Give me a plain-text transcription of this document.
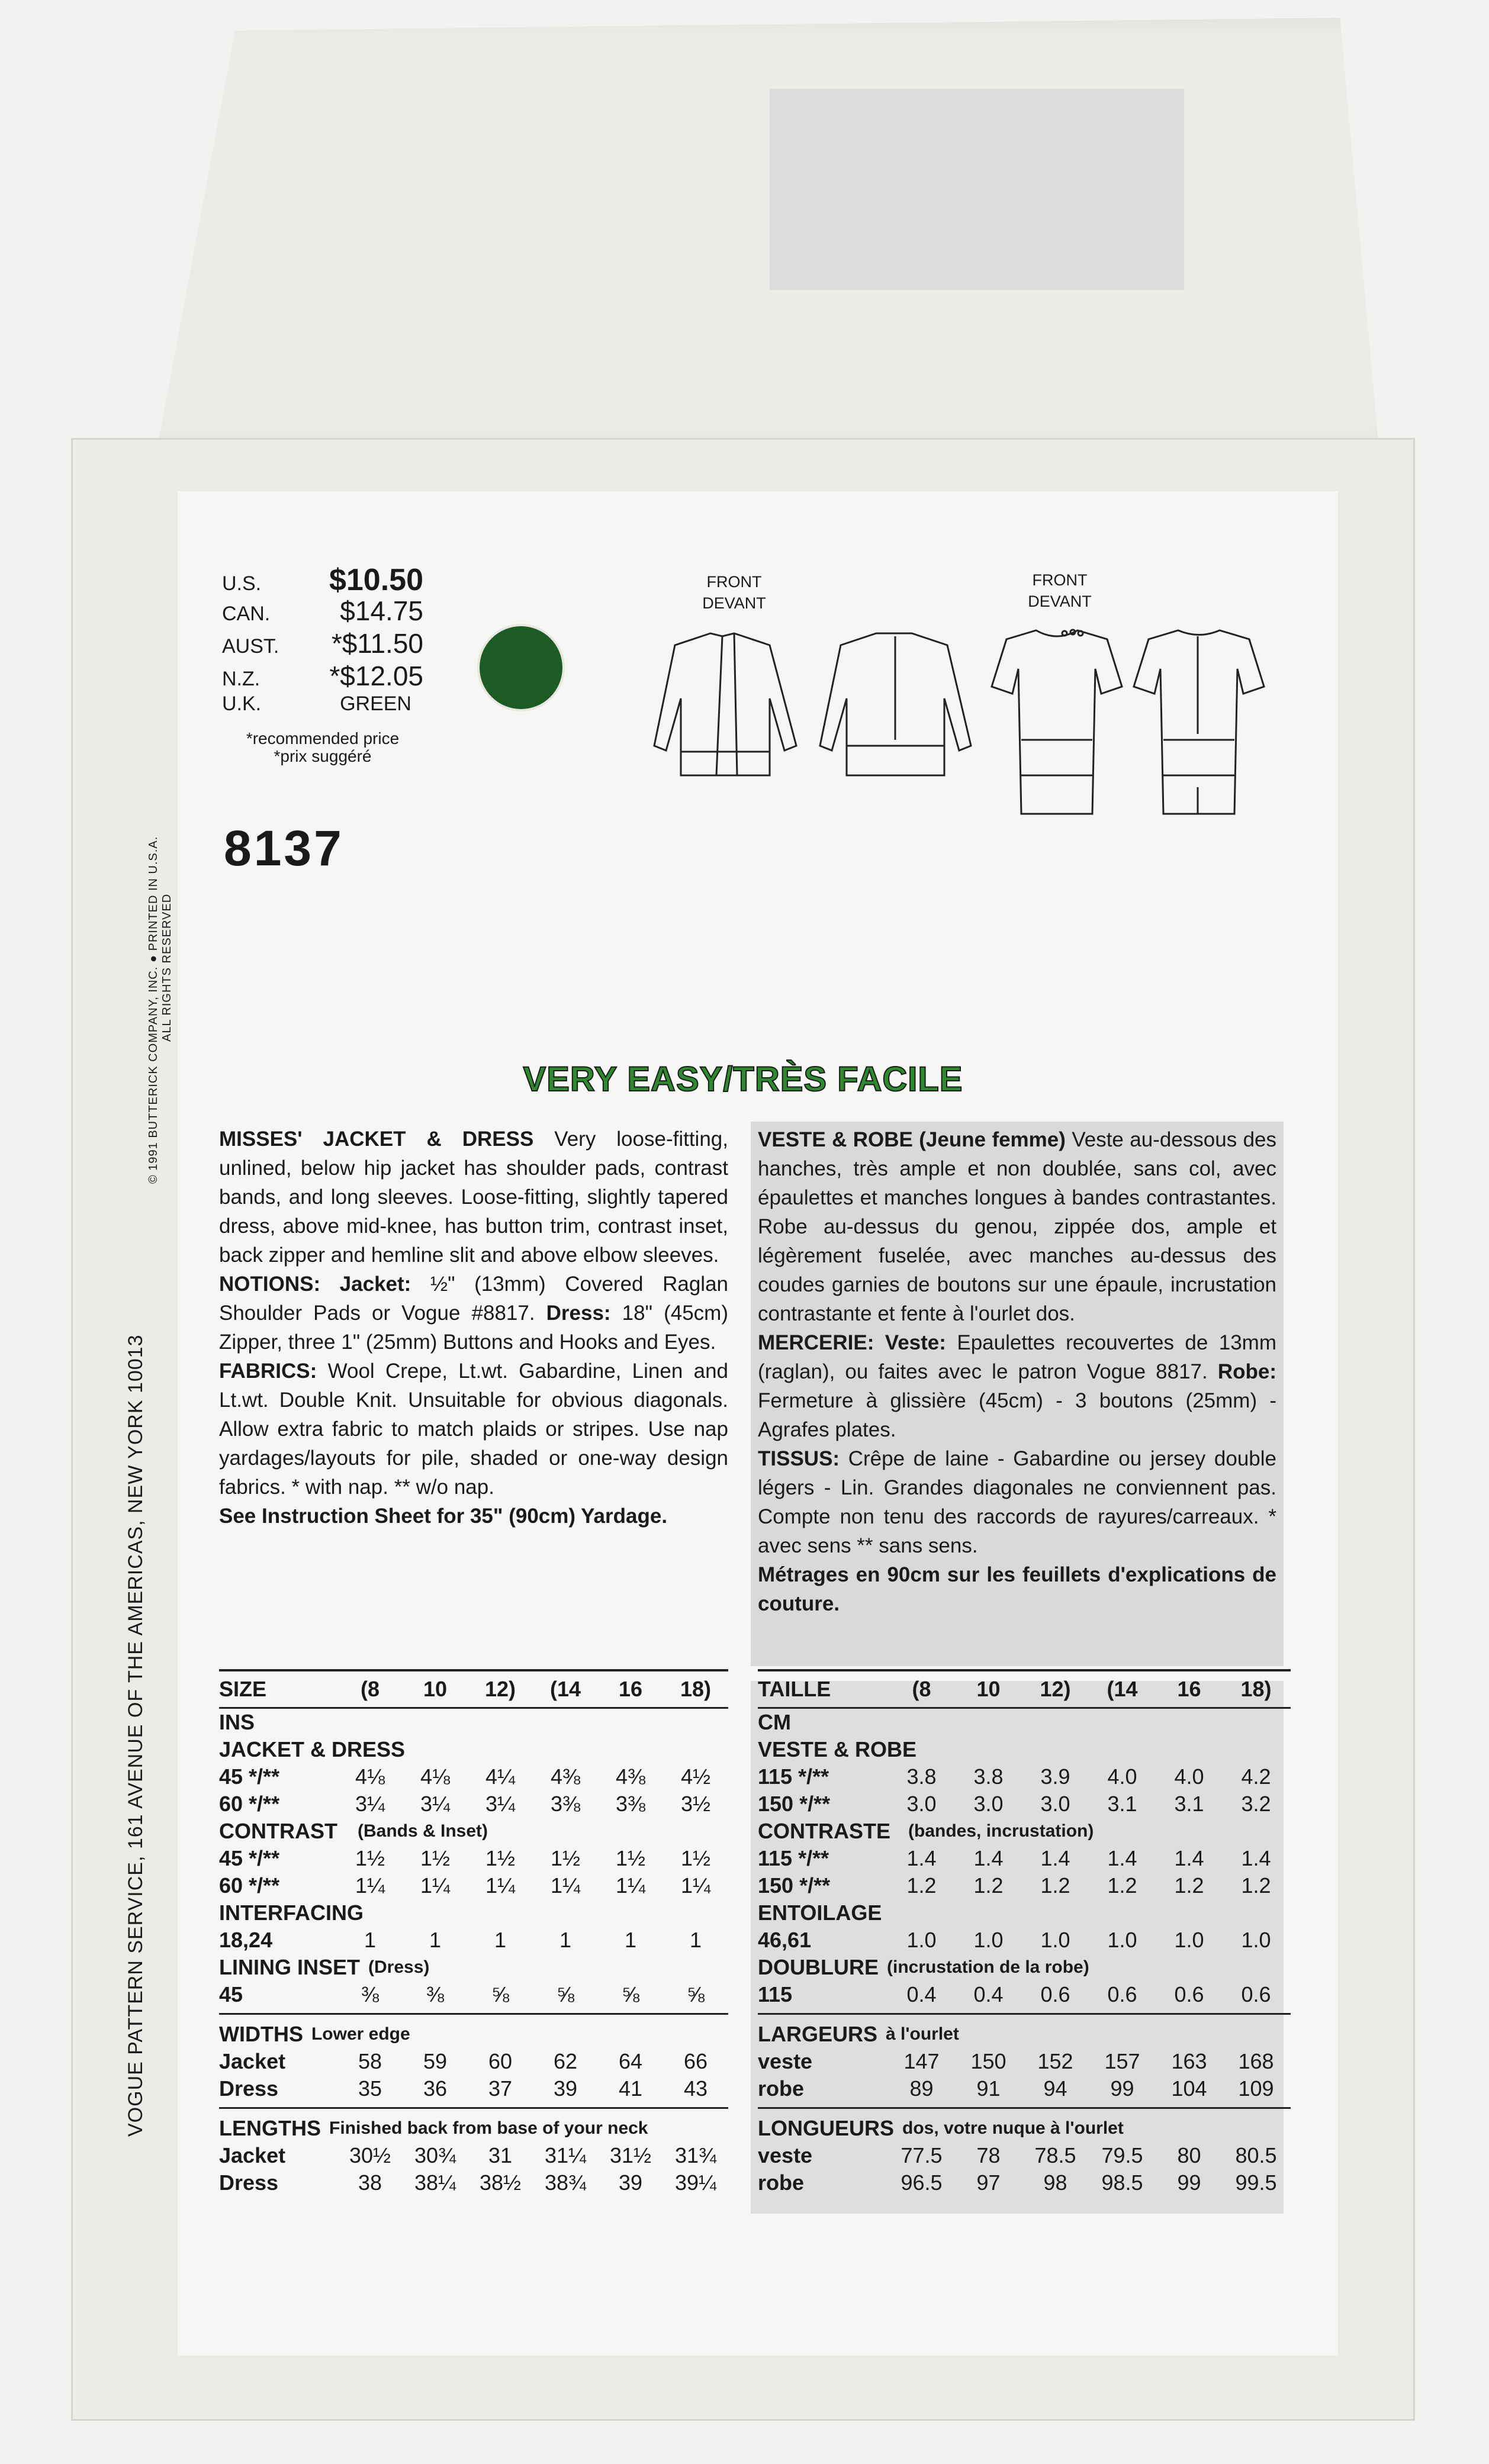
VOGUE PATTERN SERVICE, 161 AVENUE OF THE AMERICAS, NEW YORK 10013
© 1991 BUTTERICK COMPANY, INC. ● PRINTED IN U.S.A. ALL RIGHTS RESERVED
U.S. $10.50
CAN.	$14.75
AUST. *$11.50
N.Z.	*$12.05
U.K.	GREEN
*recommended price
*prix suggéré
8137
FRONT
DEVANT
FRONT
DEVANT
VERY EASY/TRÈS FACILE
MISSES' JACKET & DRESS Very loose-fitting, unlined, below hip jacket has shoulder pads, contrast bands, and long sleeves. Loose-fitting, slightly tapered dress, above mid-knee, has button trim, contrast inset, back zipper and hemline slit and above elbow sleeves.
NOTIONS: Jacket: ½" (13mm) Covered Raglan Shoulder Pads or Vogue #8817. Dress: 18" (45cm) Zipper, three 1" (25mm) Buttons and Hooks and Eyes.
FABRICS: Wool Crepe, Lt.wt. Gabardine, Linen and Lt.wt. Double Knit. Unsuitable for obvious diagonals. Allow extra fabric to match plaids or stripes. Use nap yardages/layouts for pile, shaded or one-way design fabrics. * with nap. ** w/o nap.
See Instruction Sheet for 35" (90cm) Yardage.
VESTE & ROBE (Jeune femme) Veste au-dessous des hanches, très ample et non doublée, sans col, avec épaulettes et manches longues à bandes contrastantes. Robe au-dessus du genou, zippée dos, ample et légèrement fuselée, avec manches au-dessus des coudes garnies de boutons sur une épaule, incrustation contrastante et fente à l'ourlet dos.
MERCERIE: Veste: Epaulettes recouvertes de 13mm (raglan), ou faites avec le patron Vogue 8817. Robe: Fermeture à glissière (45cm) - 3 boutons (25mm) - Agrafes plates.
TISSUS: Crêpe de laine - Gabardine ou jersey double légers - Lin. Grandes diagonales ne conviennent pas. Compte non tenu des raccords de rayures/carreaux. * avec sens ** sans sens.
Métrages en 90cm sur les feuillets d'explications de couture.
SIZE	(8	10	12)	(14	16	18)
INS
JACKET & DRESS
45 */**	4⅛	4⅛	4¼	4⅜	4⅜	4½
60 */**	3¼	3¼	3¼	3⅜	3⅜	3½
CONTRAST	(Bands & Inset)
45 */**	1½	1½	1½	1½	1½	1½
60 */**	1¼	1¼	1¼	1¼	1¼	1¼
INTERFACING
18,24	1	1	1	1	1	1
LINING INSET (Dress)
45	⅜	⅜	⅝	⅝	⅝	⅝
WIDTHS Lower edge
Jacket	58	59	60	62	64	66
Dress	35	36	37	39	41	43
LENGTHS Finished back from base of your neck
Jacket	30½	30¾	31	31¼	31½	31¾
Dress	38	38¼	38½	38¾	39	39¼
TAILLE	(8	10	12)	(14	16	18)
CM
VESTE & ROBE
115 */**	3.8	3.8	3.9	4.0	4.0	4.2
150 */**	3.0	3.0	3.0	3.1	3.1	3.2
CONTRASTE	(bandes, incrustation)
115 */**	1.4	1.4	1.4	1.4	1.4	1.4
150 */**	1.2	1.2	1.2	1.2	1.2	1.2
ENTOILAGE
46,61	1.0	1.0	1.0	1.0	1.0	1.0
DOUBLURE (incrustation de la robe)
115	0.4	0.4	0.6	0.6	0.6	0.6
LARGEURS à l'ourlet
veste	147	150	152	157	163	168
robe	89	91	94	99	104	109
LONGUEURS dos, votre nuque à l'ourlet
veste	77.5	78	78.5	79.5	80	80.5
robe	96.5	97	98	98.5	99	99.5
